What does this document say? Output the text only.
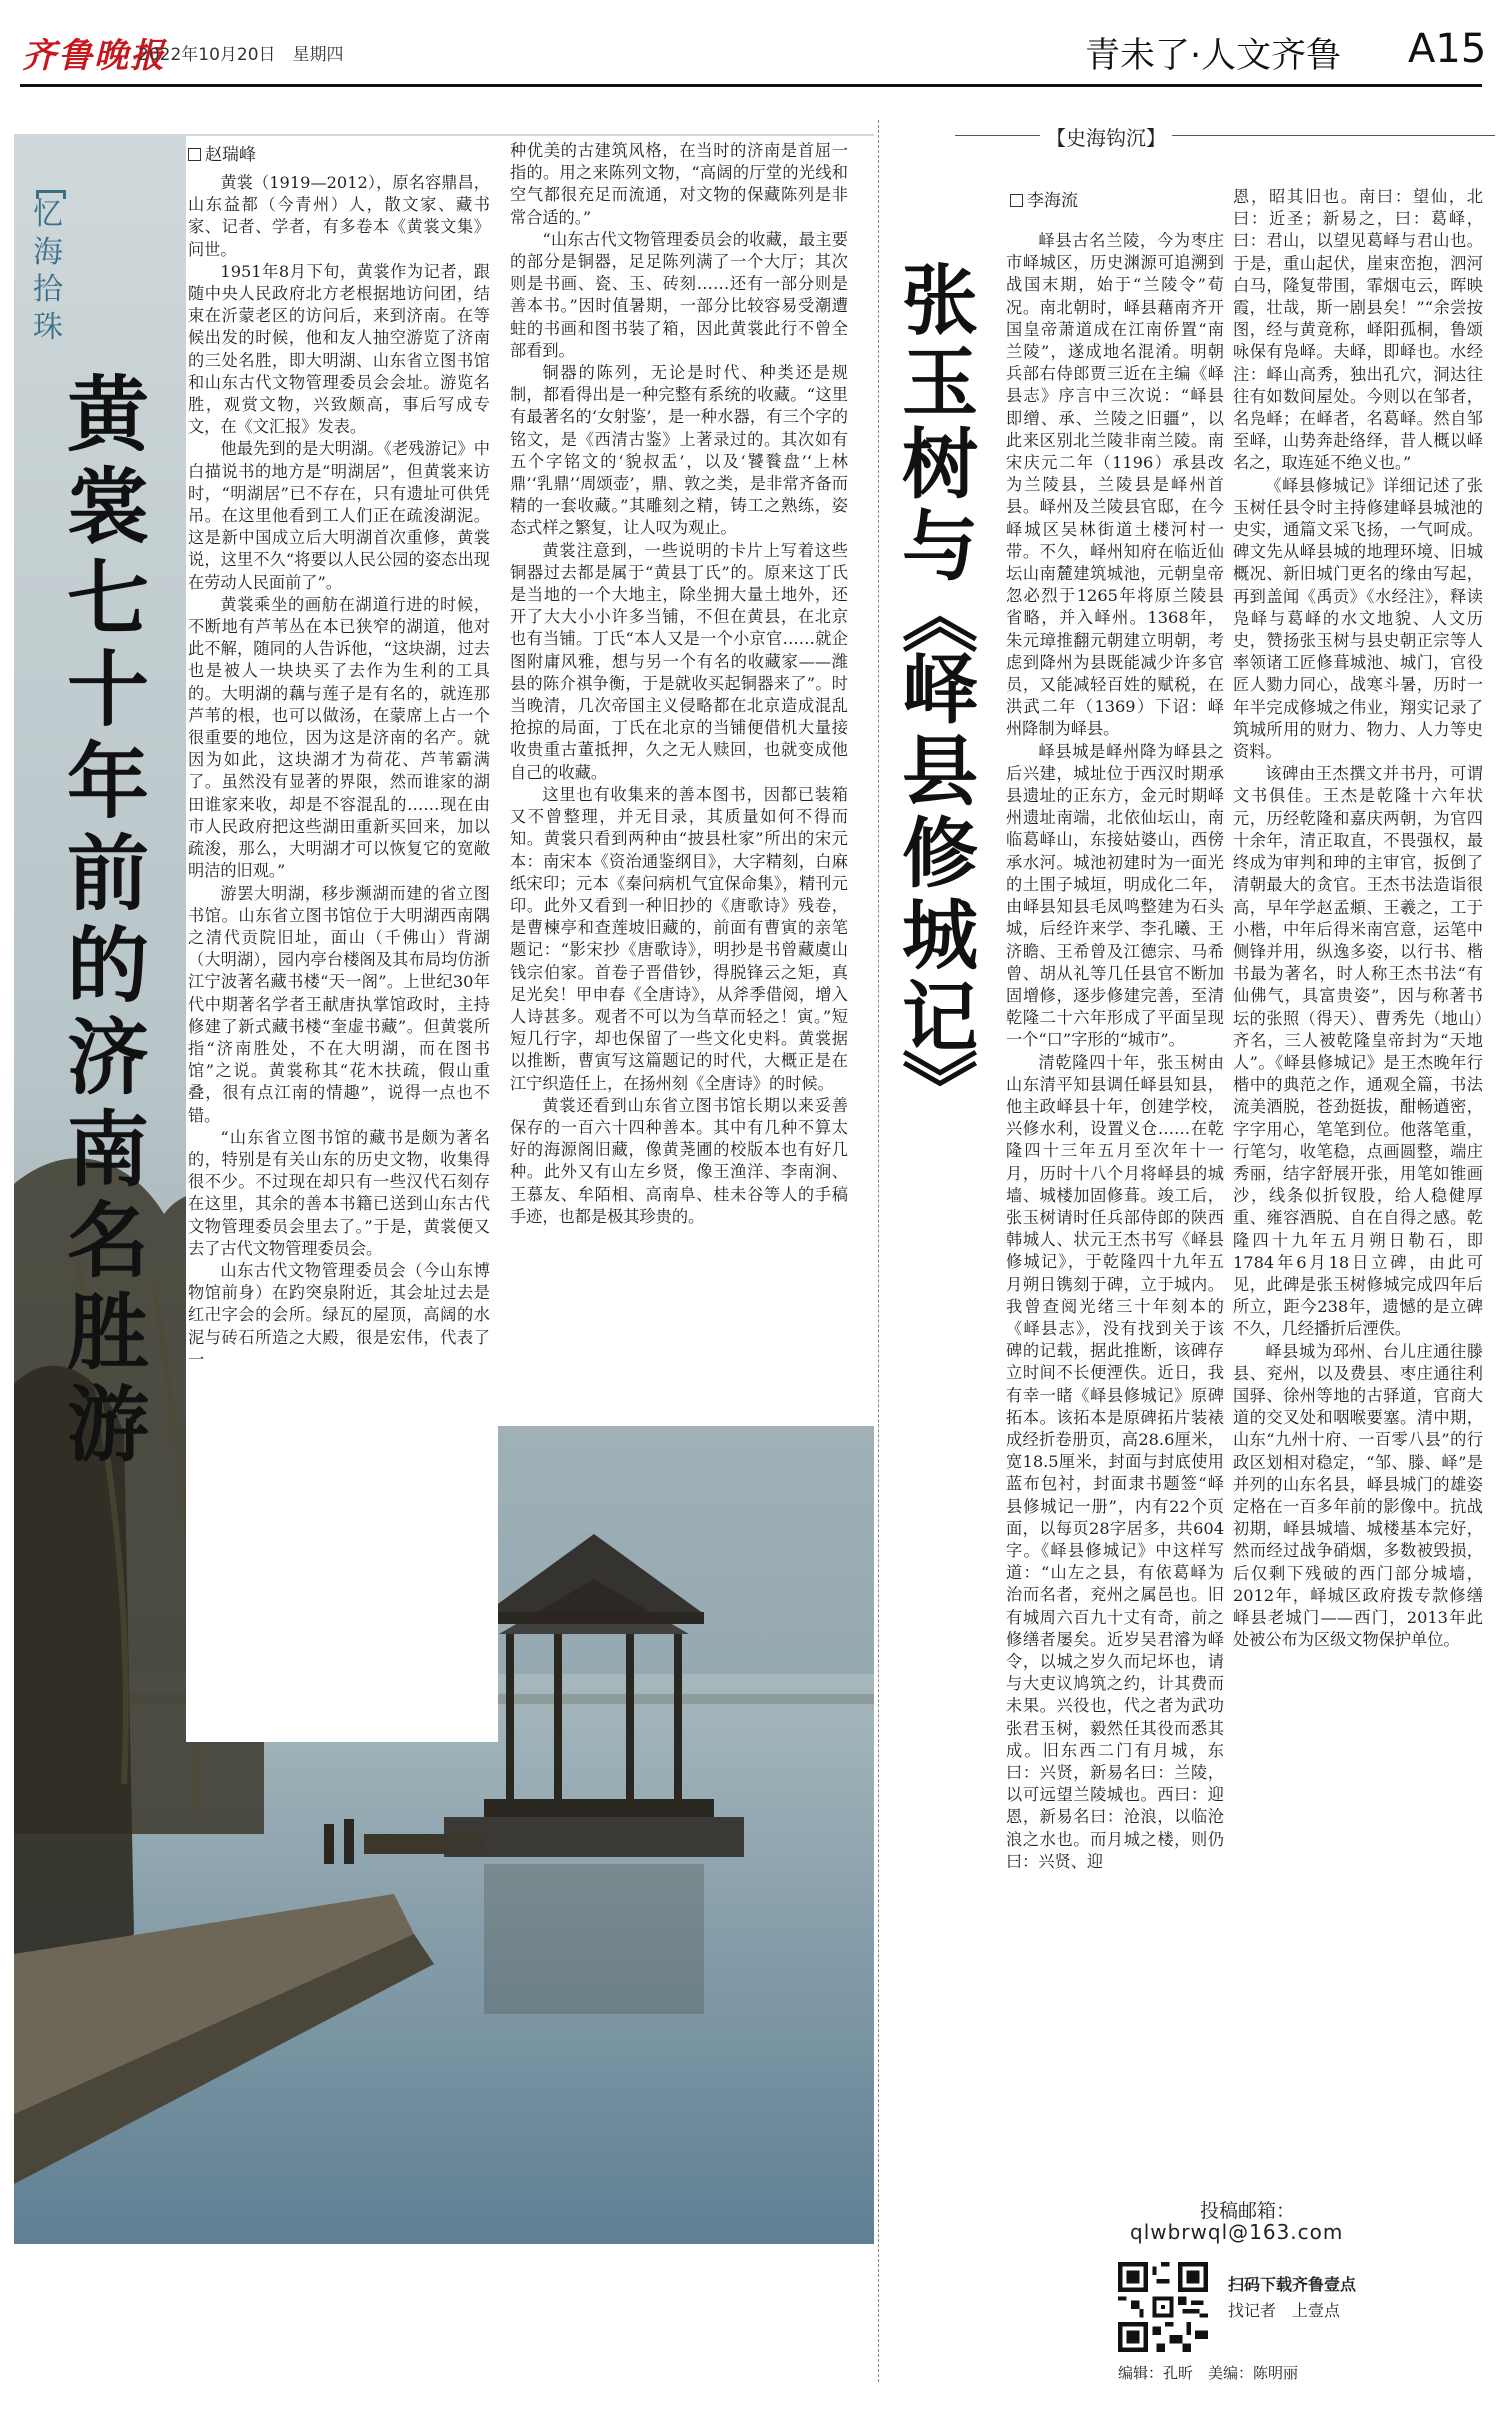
齐鲁晚报
2022年10月20日　星期四	青未了·人文齐鲁 A15
忆海拾珠
黄裳七十年前的济南名胜游
赵瑞峰

黄裳（1919—2012），原名容鼎昌，山东益都（今青州）人，散文家、藏书家、记者、学者，有多卷本《黄裳文集》问世。

1951年8月下旬，黄裳作为记者，跟随中央人民政府北方老根据地访问团，结束在沂蒙老区的访问后，来到济南。在等候出发的时候，他和友人抽空游览了济南的三处名胜，即大明湖、山东省立图书馆和山东古代文物管理委员会会址。游览名胜，观赏文物，兴致颇高，事后写成专文，在《文汇报》发表。

他最先到的是大明湖。《老残游记》中白描说书的地方是“明湖居”，但黄裳来访时，“明湖居”已不存在，只有遗址可供凭吊。在这里他看到工人们正在疏浚湖泥。这是新中国成立后大明湖首次重修，黄裳说，这里不久“将要以人民公园的姿态出现在劳动人民面前了”。

黄裳乘坐的画舫在湖道行进的时候，不断地有芦苇丛在本已狭窄的湖道，他对此不解，随同的人告诉他，“这块湖，过去也是被人一块块买了去作为生利的工具的。大明湖的藕与莲子是有名的，就连那芦苇的根，也可以做汤，在蒙席上占一个很重要的地位，因为这是济南的名产。就因为如此，这块湖才为荷花、芦苇霸满了。虽然没有显著的界限，然而谁家的湖田谁家来收，却是不容混乱的……现在由市人民政府把这些湖田重新买回来，加以疏浚，那么，大明湖才可以恢复它的宽敞明洁的旧观。”

游罢大明湖，移步濒湖而建的省立图书馆。山东省立图书馆位于大明湖西南隅之清代贡院旧址，面山（千佛山）背湖（大明湖），园内亭台楼阁及其布局均仿浙江宁波著名藏书楼“天一阁”。上世纪30年代中期著名学者王献唐执掌馆政时，主持修建了新式藏书楼“奎虚书藏”。但黄裳所指“济南胜处，不在大明湖，而在图书馆”之说。黄裳称其“花木扶疏，假山重叠，很有点江南的情趣”，说得一点也不错。

“山东省立图书馆的藏书是颇为著名的，特别是有关山东的历史文物，收集得很不少。不过现在却只有一些汉代石刻存在这里，其余的善本书籍已送到山东古代文物管理委员会里去了。”于是，黄裳便又去了古代文物管理委员会。

山东古代文物管理委员会（今山东博物馆前身）在趵突泉附近，其会址过去是红卍字会的会所。绿瓦的屋顶，高阔的水泥与砖石所造之大殿，很是宏伟，代表了一

种优美的古建筑风格，在当时的济南是首屈一指的。用之来陈列文物，“高阔的厅堂的光线和空气都很充足而流通，对文物的保藏陈列是非常合适的。”

“山东古代文物管理委员会的收藏，最主要的部分是铜器，足足陈列满了一个大厅；其次则是书画、瓷、玉、砖刻……还有一部分则是善本书。”因时值暑期，一部分比较容易受潮遭蛀的书画和图书装了箱，因此黄裳此行不曾全部看到。

铜器的陈列，无论是时代、种类还是规制，都看得出是一种完整有系统的收藏。“这里有最著名的‘女射鉴’，是一种水器，有三个字的铭文，是《西清古鉴》上著录过的。其次如有五个字铭文的‘貌叔盂’，以及‘饕餮盘’‘上林鼎’‘乳鼎’‘周颂壶’，鼎、敦之类，是非常齐备而精的一套收藏。”其雕刻之精，铸工之熟练，姿态式样之繁复，让人叹为观止。

黄裳注意到，一些说明的卡片上写着这些铜器过去都是属于“黄县丁氏”的。原来这丁氏是当地的一个大地主，除坐拥大量土地外，还开了大大小小许多当铺，不但在黄县，在北京也有当铺。丁氏“本人又是一个小京官……就企图附庸风雅，想与另一个有名的收藏家——潍县的陈介祺争衡，于是就收买起铜器来了”。时当晚清，几次帝国主义侵略都在北京造成混乱抢掠的局面，丁氏在北京的当铺便借机大量接收贵重古董抵押，久之无人赎回，也就变成他自己的收藏。

这里也有收集来的善本图书，因都已装箱又不曾整理，并无目录，其质量如何不得而知。黄裳只看到两种由“披县杜家”所出的宋元本：南宋本《资治通鉴纲目》，大字精刻，白麻纸宋印；元本《秦问病机气宜保命集》，精刊元印。此外又看到一种旧抄的《唐歌诗》残卷，是曹楝亭和查莲坡旧藏的，前面有曹寅的亲笔题记：“影宋抄《唐歌诗》，明抄是书曾藏虞山钱宗伯家。首卷子晋借钞，得脱锋云之矩，真足光矣！甲申春《全唐诗》，从斧季借阅，增入人诗甚多。观者不可以为刍草而轻之！寅。”短短几行字，却也保留了一些文化史料。黄裳据以推断，曹寅写这篇题记的时代，大概正是在江宁织造任上，在扬州刻《全唐诗》的时候。

黄裳还看到山东省立图书馆长期以来妥善保存的一百六十四种善本。其中有几种不算太好的海源阁旧藏，像黄荛圃的校版本也有好几种。此外又有山左乡贤，像王渔洋、李南涧、王慕友、牟陌相、高南阜、桂未谷等人的手稿手迹，也都是极其珍贵的。

【 史海钩沉 】
张玉树与
︽
峄县修城记
︾
李海流

峄县古名兰陵，今为枣庄市峄城区，历史渊源可追溯到战国末期，始于“兰陵令”荀况。南北朝时，峄县藉南齐开国皇帝萧道成在江南侨置“南兰陵”，遂成地名混淆。明朝兵部右侍郎贾三近在主编《峄县志》序言中三次说：“峄县即缯、承、兰陵之旧疆”，以此来区别北兰陵非南兰陵。南宋庆元二年（1196）承县改为兰陵县，兰陵县是峄州首县。峄州及兰陵县官邸，在今峄城区吴林街道土楼河村一带。不久，峄州知府在临近仙坛山南麓建筑城池，元朝皇帝忽必烈于1265年将原兰陵县省略，并入峄州。1368年，朱元璋推翻元朝建立明朝，考虑到降州为县既能减少许多官员，又能减轻百姓的赋税，在洪武二年（1369）下诏：峄州降制为峄县。

峄县城是峄州降为峄县之后兴建，城址位于西汉时期承县遗址的正东方，金元时期峄州遗址南端，北依仙坛山，南临葛峄山，东接姑婆山，西傍承水河。城池初建时为一面光的土围子城垣，明成化二年，由峄县知县毛凤鸣整建为石头城，后经许来学、李孔曦、王济瞻、王希曾及江德宗、马希曾、胡从礼等几任县官不断加固增修，逐步修建完善，至清乾隆二十六年形成了平面呈现一个“口”字形的“城市”。

清乾隆四十年，张玉树由山东清平知县调任峄县知县，他主政峄县十年，创建学校，兴修水利，设置义仓……在乾隆四十三年五月至次年十一月，历时十八个月将峄县的城墙、城楼加固修葺。竣工后，张玉树请时任兵部侍郎的陕西韩城人、状元王杰书写《峄县修城记》，于乾隆四十九年五月朔日镌刻于碑，立于城内。我曾查阅光绪三十年刻本的《峄县志》，没有找到关于该碑的记载，据此推断，该碑存立时间不长便湮佚。近日，我有幸一睹《峄县修城记》原碑拓本。该拓本是原碑拓片装裱成经折卷册页，高28.6厘米，宽18.5厘米，封面与封底使用蓝布包衬，封面隶书题签“峄县修城记一册”，内有22个页面，以每页28字居多，共604字。《峄县修城记》中这样写道：“山左之县，有依葛峄为治而名者，兖州之属邑也。旧有城周六百九十丈有奇，前之修缮者屡矣。近岁吴君濬为峄令，以城之岁久而圮坏也，请与大吏议鸠筑之约，计其费而未果。兴役也，代之者为武功张君玉树，毅然任其役而悉其成。旧东西二门有月城，东曰：兴贤，新易名曰：兰陵，以可远望兰陵城也。西曰：迎恩，新易名曰：沧浪，以临沧浪之水也。而月城之楼，则仍曰：兴贤、迎

恩，昭其旧也。南曰：望仙，北曰：近圣；新易之，曰：葛峄，曰：君山，以望见葛峄与君山也。于是，重山起伏，崖束峦抱，泗河白马，隆复带围，霏烟屯云，晖映霞，壮哉，斯一剧县矣！”“余尝按图，经与黄竟称，峄阳孤桐，鲁颂咏保有凫峄。夫峄，即峄也。水经注：峄山高秀，独出孔穴，洞达往往有如数间屋处。今则以在邹者，名凫峄；在峄者，名葛峄。然自邹至峄，山势奔赴络绎，昔人概以峄名之，取连延不绝义也。”

《峄县修城记》详细记述了张玉树任县令时主持修建峄县城池的史实，通篇文采飞扬，一气呵成。碑文先从峄县城的地理环境、旧城概况、新旧城门更名的缘由写起，再到盖闻《禹贡》《水经注》，释读凫峄与葛峄的水文地貌、人文历史，赞扬张玉树与县史朝正宗等人率领诸工匠修葺城池、城门，官役匠人勠力同心，战寒斗暑，历时一年半完成修城之伟业，翔实记录了筑城所用的财力、物力、人力等史资料。

该碑由王杰撰文并书丹，可谓文书俱佳。王杰是乾隆十六年状元，历经乾隆和嘉庆两朝，为官四十余年，清正取直，不畏强权，最终成为审判和珅的主审官，扳倒了清朝最大的贪官。王杰书法造诣很高，早年学赵孟頫、王羲之，工于小楷，中年后得米南宫意，运笔中侧锋并用，纵逸多姿，以行书、楷书最为著名，时人称王杰书法“有仙佛气，具富贵姿”，因与称著书坛的张照（得天）、曹秀先（地山）齐名，三人被乾隆皇帝封为“天地人”。《峄县修城记》是王杰晚年行楷中的典范之作，通观全篇，书法流美酒脱，苍劲挺拔，酣畅遒密，字字用心，笔笔到位。他落笔重，行笔匀，收笔稳，点画圆整，端庄秀丽，结字舒展开张，用笔如锥画沙，线条似折钗股，给人稳健厚重、雍容酒脱、自在自得之感。乾隆四十九年五月朔日勒石，即1784年6月18日立碑，由此可见，此碑是张玉树修城完成四年后所立，距今238年，遗憾的是立碑不久，几经播折后湮佚。

峄县城为邳州、台儿庄通往滕县、兖州，以及费县、枣庄通往利国驿、徐州等地的古驿道，官商大道的交叉处和咽喉要塞。清中期，山东“九州十府、一百零八县”的行政区划相对稳定，“邹、滕、峄”是并列的山东名县，峄县城门的雄姿定格在一百多年前的影像中。抗战初期，峄县城墙、城楼基本完好，然而经过战争硝烟，多数被毁损，后仅剩下残破的西门部分城墙，2012年，峄城区政府拨专款修缮峄县老城门——西门，2013年此处被公布为区级文物保护单位。

投稿邮箱：
qlwbrwql@163.com
扫码下载齐鲁壹点
找记者　上壹点
编辑：孔昕　美编：陈明丽
